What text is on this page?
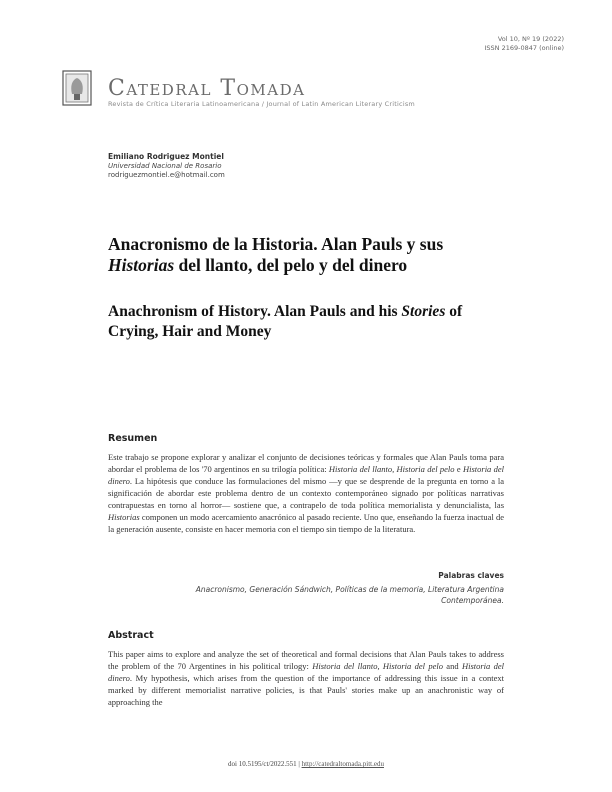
Vol 10, Nº 19 (2022)
ISSN 2169-0847 (online)
Catedral Tomada
Revista de Crítica Literaria Latinoamericana / Journal of Latin American Literary Criticism
Emiliano Rodriguez Montiel
Universidad Nacional de Rosario
rodriguezmontiel.e@hotmail.com
Anacronismo de la Historia. Alan Pauls y sus Historias del llanto, del pelo y del dinero
Anachronism of History. Alan Pauls and his Stories of Crying, Hair and Money
Resumen
Este trabajo se propone explorar y analizar el conjunto de decisiones teóricas y formales que Alan Pauls toma para abordar el problema de los '70 argentinos en su trilogía política: Historia del llanto, Historia del pelo e Historia del dinero. La hipótesis que conduce las formulaciones del mismo —y que se desprende de la pregunta en torno a la significación de abordar este problema dentro de un contexto contemporáneo signado por políticas narrativas contrapuestas en torno al horror— sostiene que, a contrapelo de toda política memorialista y denuncialista, las Historias componen un modo acercamiento anacrónico al pasado reciente. Uno que, enseñando la fuerza inactual de la generación ausente, consiste en hacer memoria con el tiempo sin tiempo de la literatura.
Palabras claves
Anacronismo, Generación Sándwich, Políticas de la memoria, Literatura Argentina Contemporánea.
Abstract
This paper aims to explore and analyze the set of theoretical and formal decisions that Alan Pauls takes to address the problem of the 70 Argentines in his political trilogy: Historia del llanto, Historia del pelo and Historia del dinero. My hypothesis, which arises from the question of the importance of addressing this issue in a context marked by different memorialist narrative policies, is that Pauls' stories make up an anachronistic way of approaching the
doi 10.5195/ct/2022.551 | http://catedraltomada.pitt.edu
